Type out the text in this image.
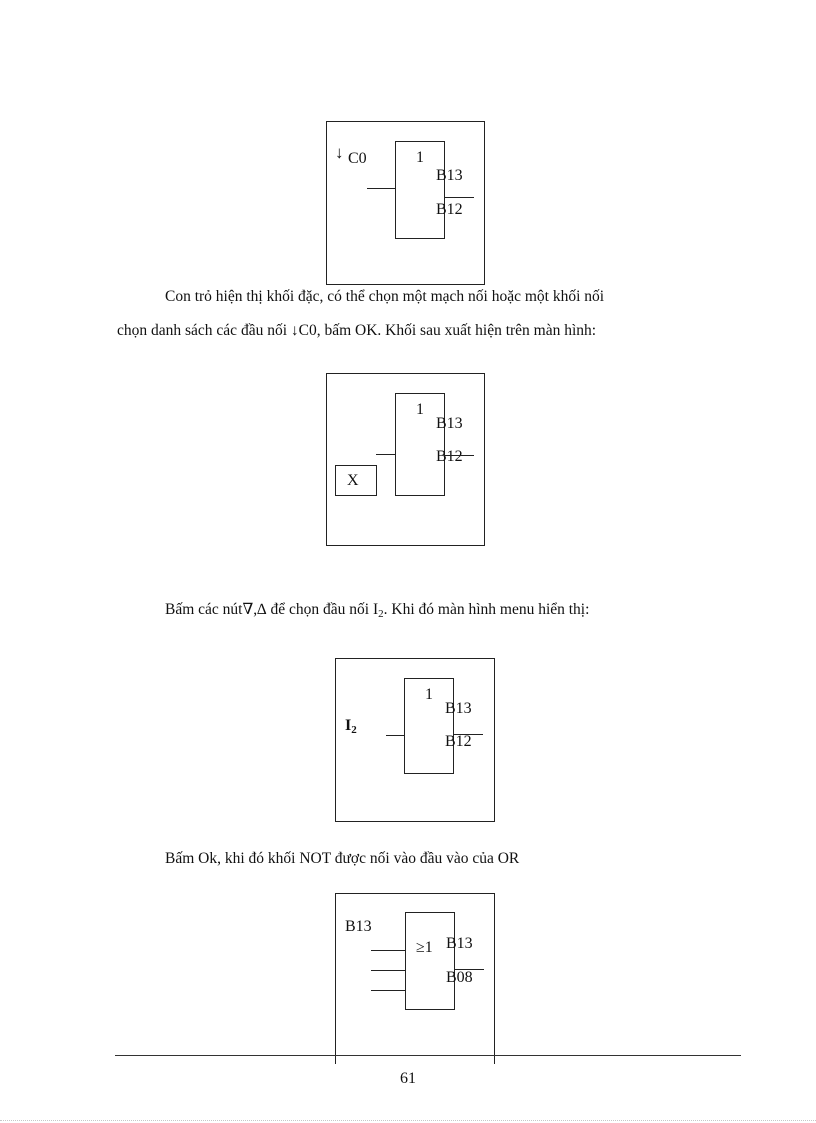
↓ C0	1
B13
B12
Con trỏ hiện thị khối đặc, có thể chọn một mạch nối hoặc một khối nối
chọn danh sách các đầu nối ↓C0, bấm OK. Khối sau xuất hiện trên màn hình:
1
B13
B12
X
Bấm các nút∇,∆ để chọn đầu nối $I_2$. Khi đó màn hình menu hiển thị:
$I_2$
1
B13
B12
Bấm Ok, khi đó khối NOT được nối vào đầu vào của OR
B13
≥1 B13
B08
61
